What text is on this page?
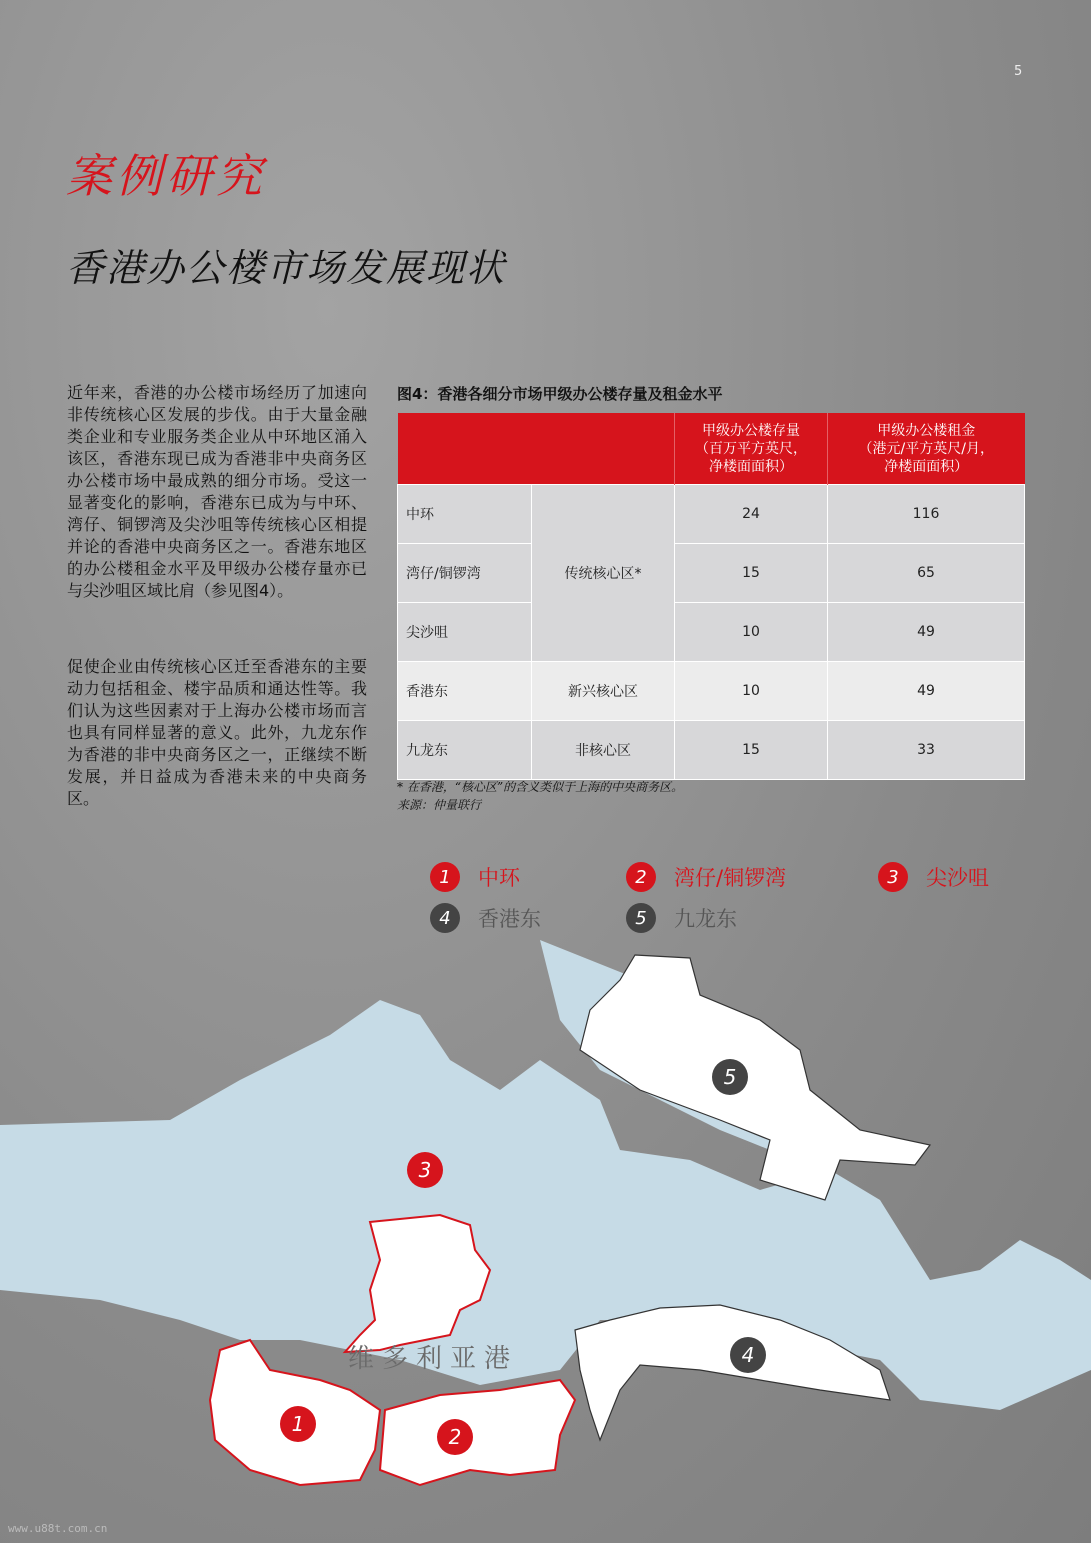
5
案例研究
香港办公楼市场发展现状
近年来，香港的办公楼市场经历了加速向非传统核心区发展的步伐。由于大量金融类企业和专业服务类企业从中环地区涌入该区，香港东现已成为香港非中央商务区办公楼市场中最成熟的细分市场。受这一显著变化的影响，香港东已成为与中环、湾仔、铜锣湾及尖沙咀等传统核心区相提并论的香港中央商务区之一。香港东地区的办公楼租金水平及甲级办公楼存量亦已与尖沙咀区域比肩（参见图4）。
促使企业由传统核心区迁至香港东的主要动力包括租金、楼宇品质和通达性等。我们认为这些因素对于上海办公楼市场而言也具有同样显著的意义。此外，九龙东作为香港的非中央商务区之一，正继续不断发展，并日益成为香港未来的中央商务区。
图4：香港各细分市场甲级办公楼存量及租金水平
		甲级办公楼存量
（百万平方英尺，
净楼面面积）	甲级办公楼租金
（港元/平方英尺/月，
净楼面面积）
中环	传统核心区*	24	116
湾仔/铜锣湾		15	65
尖沙咀		10	49
香港东	新兴核心区	10	49
九龙东	非核心区	15	33
* 在香港，“核心区”的含义类似于上海的中央商务区。
来源：仲量联行
1	中环	2	湾仔/铜锣湾	3	尖沙咀
4	香港东	5	九龙东
5
3
4
1
2
维多利亚港
www.u88t.com.cn
